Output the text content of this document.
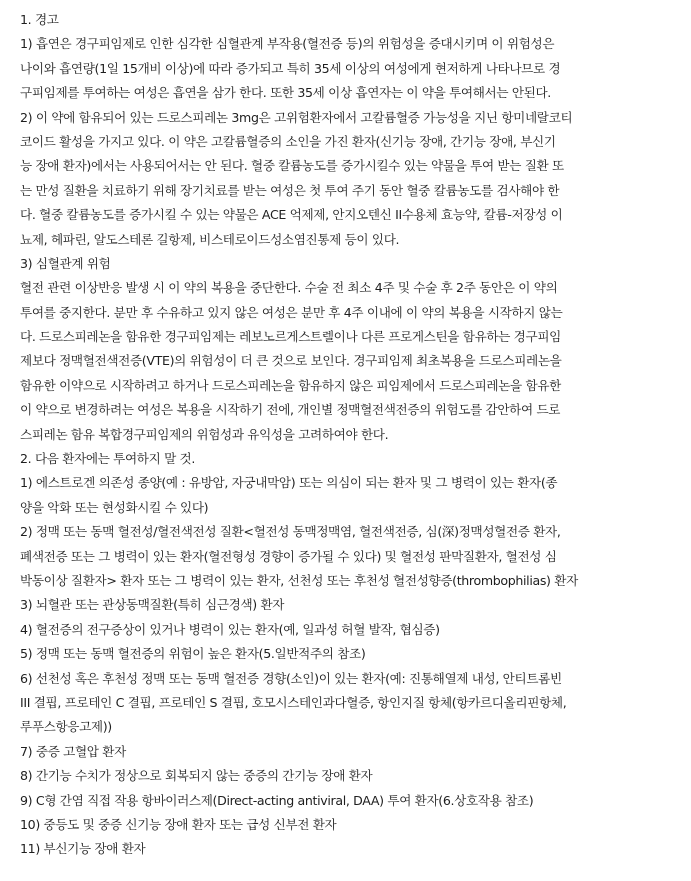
1. 경고
1) 흡연은 경구피임제로 인한 심각한 심혈관계 부작용(혈전증 등)의 위험성을 증대시키며 이 위험성은
나이와 흡연량(1일 15개비 이상)에 따라 증가되고 특히 35세 이상의 여성에게 현저하게 나타나므로 경
구피임제를 투여하는 여성은 흡연을 삼가 한다. 또한 35세 이상 흡연자는 이 약을 투여해서는 안된다.
2) 이 약에 함유되어 있는 드로스피레논 3mg은 고위험환자에서 고칼륨혈증 가능성을 지닌 항미네랄코티
코이드 활성을 가지고 있다. 이 약은 고칼륨혈증의 소인을 가진 환자(신기능 장애, 간기능 장애, 부신기
능 장애 환자)에서는 사용되어서는 안 된다. 혈중 칼륨농도를 증가시킬수 있는 약물을 투여 받는 질환 또
는 만성 질환을 치료하기 위해 장기치료를 받는 여성은 첫 투여 주기 동안 혈중 칼륨농도를 검사해야 한
다. 혈중 칼륨농도를 증가시킬 수 있는 약물은 ACE 억제제, 안지오텐신 II수용체 효능약, 칼륨-저장성 이
뇨제, 헤파린, 알도스테론 길항제, 비스테로이드성소염진통제 등이 있다.
3) 심혈관계 위험
혈전 관련 이상반응 발생 시 이 약의 복용을 중단한다. 수술 전 최소 4주 및 수술 후 2주 동안은 이 약의
투여를 중지한다. 분만 후 수유하고 있지 않은 여성은 분만 후 4주 이내에 이 약의 복용을 시작하지 않는
다. 드로스피레논을 함유한 경구피임제는 레보노르게스트렐이나 다른 프로게스틴을 함유하는 경구피임
제보다 정맥혈전색전증(VTE)의 위험성이 더 큰 것으로 보인다. 경구피임제 최초복용을 드로스피레논을
함유한 이약으로 시작하려고 하거나 드로스피레논을 함유하지 않은 피임제에서 드로스피레논을 함유한
이 약으로 변경하려는 여성은 복용을 시작하기 전에, 개인별 정맥혈전색전증의 위험도를 감안하여 드로
스피레논 함유 복합경구피임제의 위험성과 유익성을 고려하여야 한다.
2. 다음 환자에는 투여하지 말 것.
1) 에스트로겐 의존성 종양(예 : 유방암, 자궁내막암) 또는 의심이 되는 환자 및 그 병력이 있는 환자(종
양을 악화 또는 현성화시킬 수 있다)
2) 정맥 또는 동맥 혈전성/혈전색전성 질환<혈전성 동맥정맥염, 혈전색전증, 심(深)정맥성혈전증 환자,
폐색전증 또는 그 병력이 있는 환자(혈전형성 경향이 증가될 수 있다) 및 혈전성 판막질환자, 혈전성 심
박동이상 질환자> 환자 또는 그 병력이 있는 환자, 선천성 또는 후천성 혈전성향증(thrombophilias) 환자
3) 뇌혈관 또는 관상동맥질환(특히 심근경색) 환자
4) 혈전증의 전구증상이 있거나 병력이 있는 환자(예, 일과성 허혈 발작, 협심증)
5) 정맥 또는 동맥 혈전증의 위험이 높은 환자(5.일반적주의 참조)
6) 선천성 혹은 후천성 정맥 또는 동맥 혈전증 경향(소인)이 있는 환자(예: 진통해열제 내성, 안티트롬빈
III 결핍, 프로테인 C 결핍, 프로테인 S 결핍, 호모시스테인과다혈증, 항인지질 항체(항카르디올리핀항체,
루푸스항응고제))
7) 중증 고혈압 환자
8) 간기능 수치가 정상으로 회복되지 않는 중증의 간기능 장애 환자
9) C형 간염 직접 작용 항바이러스제(Direct-acting antiviral, DAA) 투여 환자(6.상호작용 참조)
10) 중등도 및 중증 신기능 장애 환자 또는 급성 신부전 환자
11) 부신기능 장애 환자
